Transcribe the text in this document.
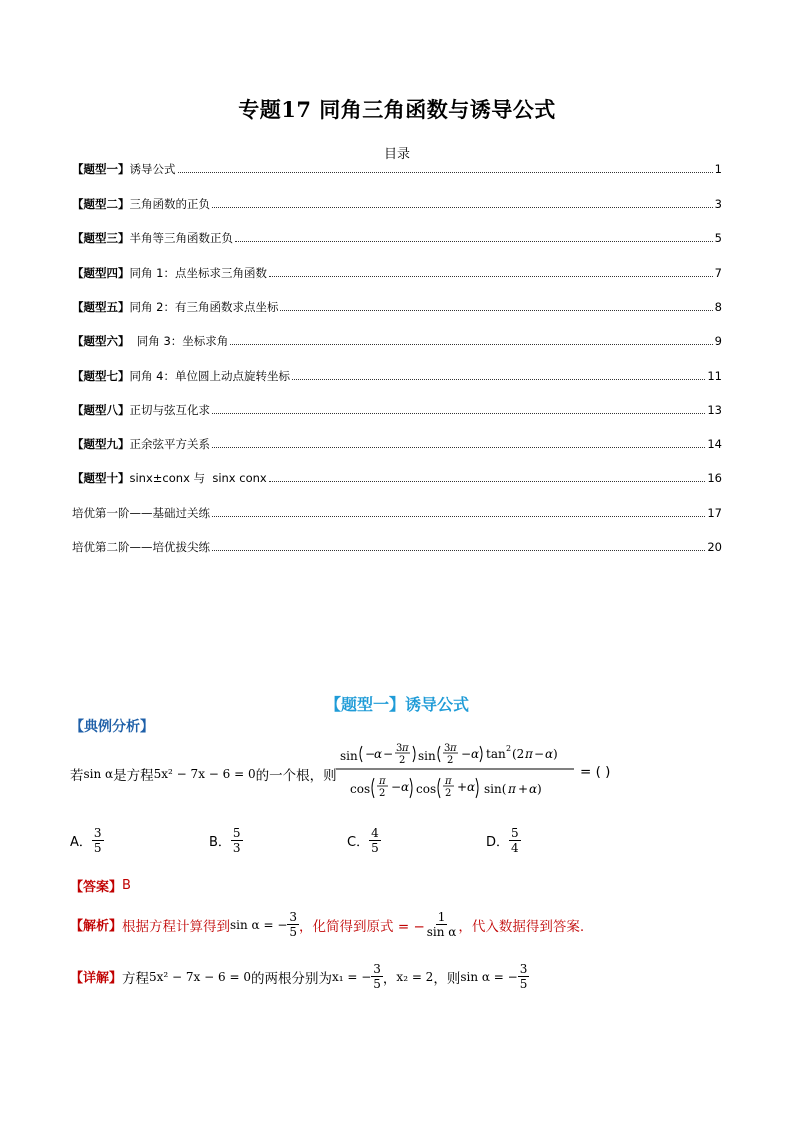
专题17 同角三角函数与诱导公式
目录
【题型一】诱导公式	1
【题型二】三角函数的正负	3
【题型三】半角等三角函数正负	5
【题型四】同角 1：点坐标求三角函数	7
【题型五】同角 2：有三角函数求点坐标	8
【题型六】  同角 3：坐标求角	9
【题型七】同角 4：单位圆上动点旋转坐标	11
【题型八】正切与弦互化求	13
【题型九】正余弦平方关系	14
【题型十】sinx±conx 与  sinx conx	16
培优第一阶——基础过关练	17
培优第二阶——培优拔尖练	20
【题型一】诱导公式
【典例分析】
若 sin α 是方程 5x² − 7x − 6 = 0 的一个根，则
sin −
α − 3 π
2 sin
3 π
2 − α tan 2 (2 π − α )
cos
π
2 − α cos
π
2 + α sin( π + α )
= ( )
A． $\frac{3}{5}$	B． $\frac{5}{3}$	C． $\frac{4}{5}$	D． $\frac{5}{4}$
【答案】 B
【解析】 根据方程计算得到 sin α = − $\frac{3}{5}$ ，化简得到原式 = − $\frac{1}{\text{sin α}}$ ，代入数据得到答案.
【详解】 方程 5x² − 7x − 6 = 0 的两根分别为 x₁ = − $\frac{3}{5}$ ， x₂ = 2 ，则 sin α = − $\frac{3}{5}$
